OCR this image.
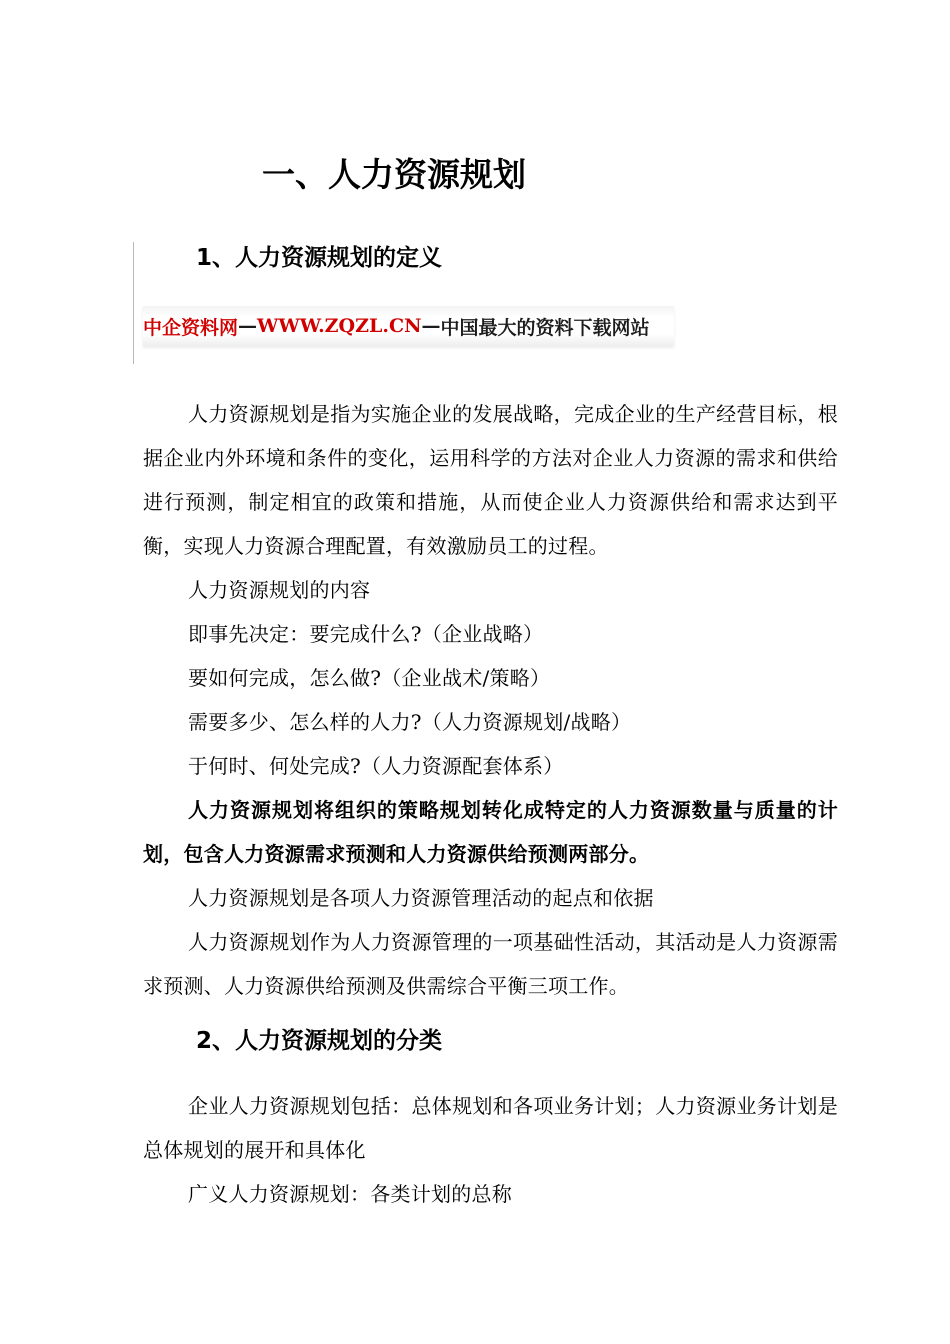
一、人力资源规划
1、人力资源规划的定义
中企资料网 — WWW.ZQZL.CN — 中国最大的资料下载网站

人力资源规划是指为实施企业的发展战略，完成企业的生产经营目标，根据企业内外环境和条件的变化，运用科学的方法对企业人力资源的需求和供给进行预测，制定相宜的政策和措施，从而使企业人力资源供给和需求达到平衡，实现人力资源合理配置，有效激励员工的过程。

人力资源规划的内容

即事先决定：要完成什么?（企业战略）

要如何完成，怎么做?（企业战术/策略）

需要多少、怎么样的人力?（人力资源规划/战略）

于何时、何处完成?（人力资源配套体系）

人力资源规划将组织的策略规划转化成特定的人力资源数量与质量的计划，包含人力资源需求预测和人力资源供给预测两部分。

人力资源规划是各项人力资源管理活动的起点和依据

人力资源规划作为人力资源管理的一项基础性活动，其活动是人力资源需求预测、人力资源供给预测及供需综合平衡三项工作。

2、人力资源规划的分类

企业人力资源规划包括：总体规划和各项业务计划；人力资源业务计划是总体规划的展开和具体化

广义人力资源规划：各类计划的总称
